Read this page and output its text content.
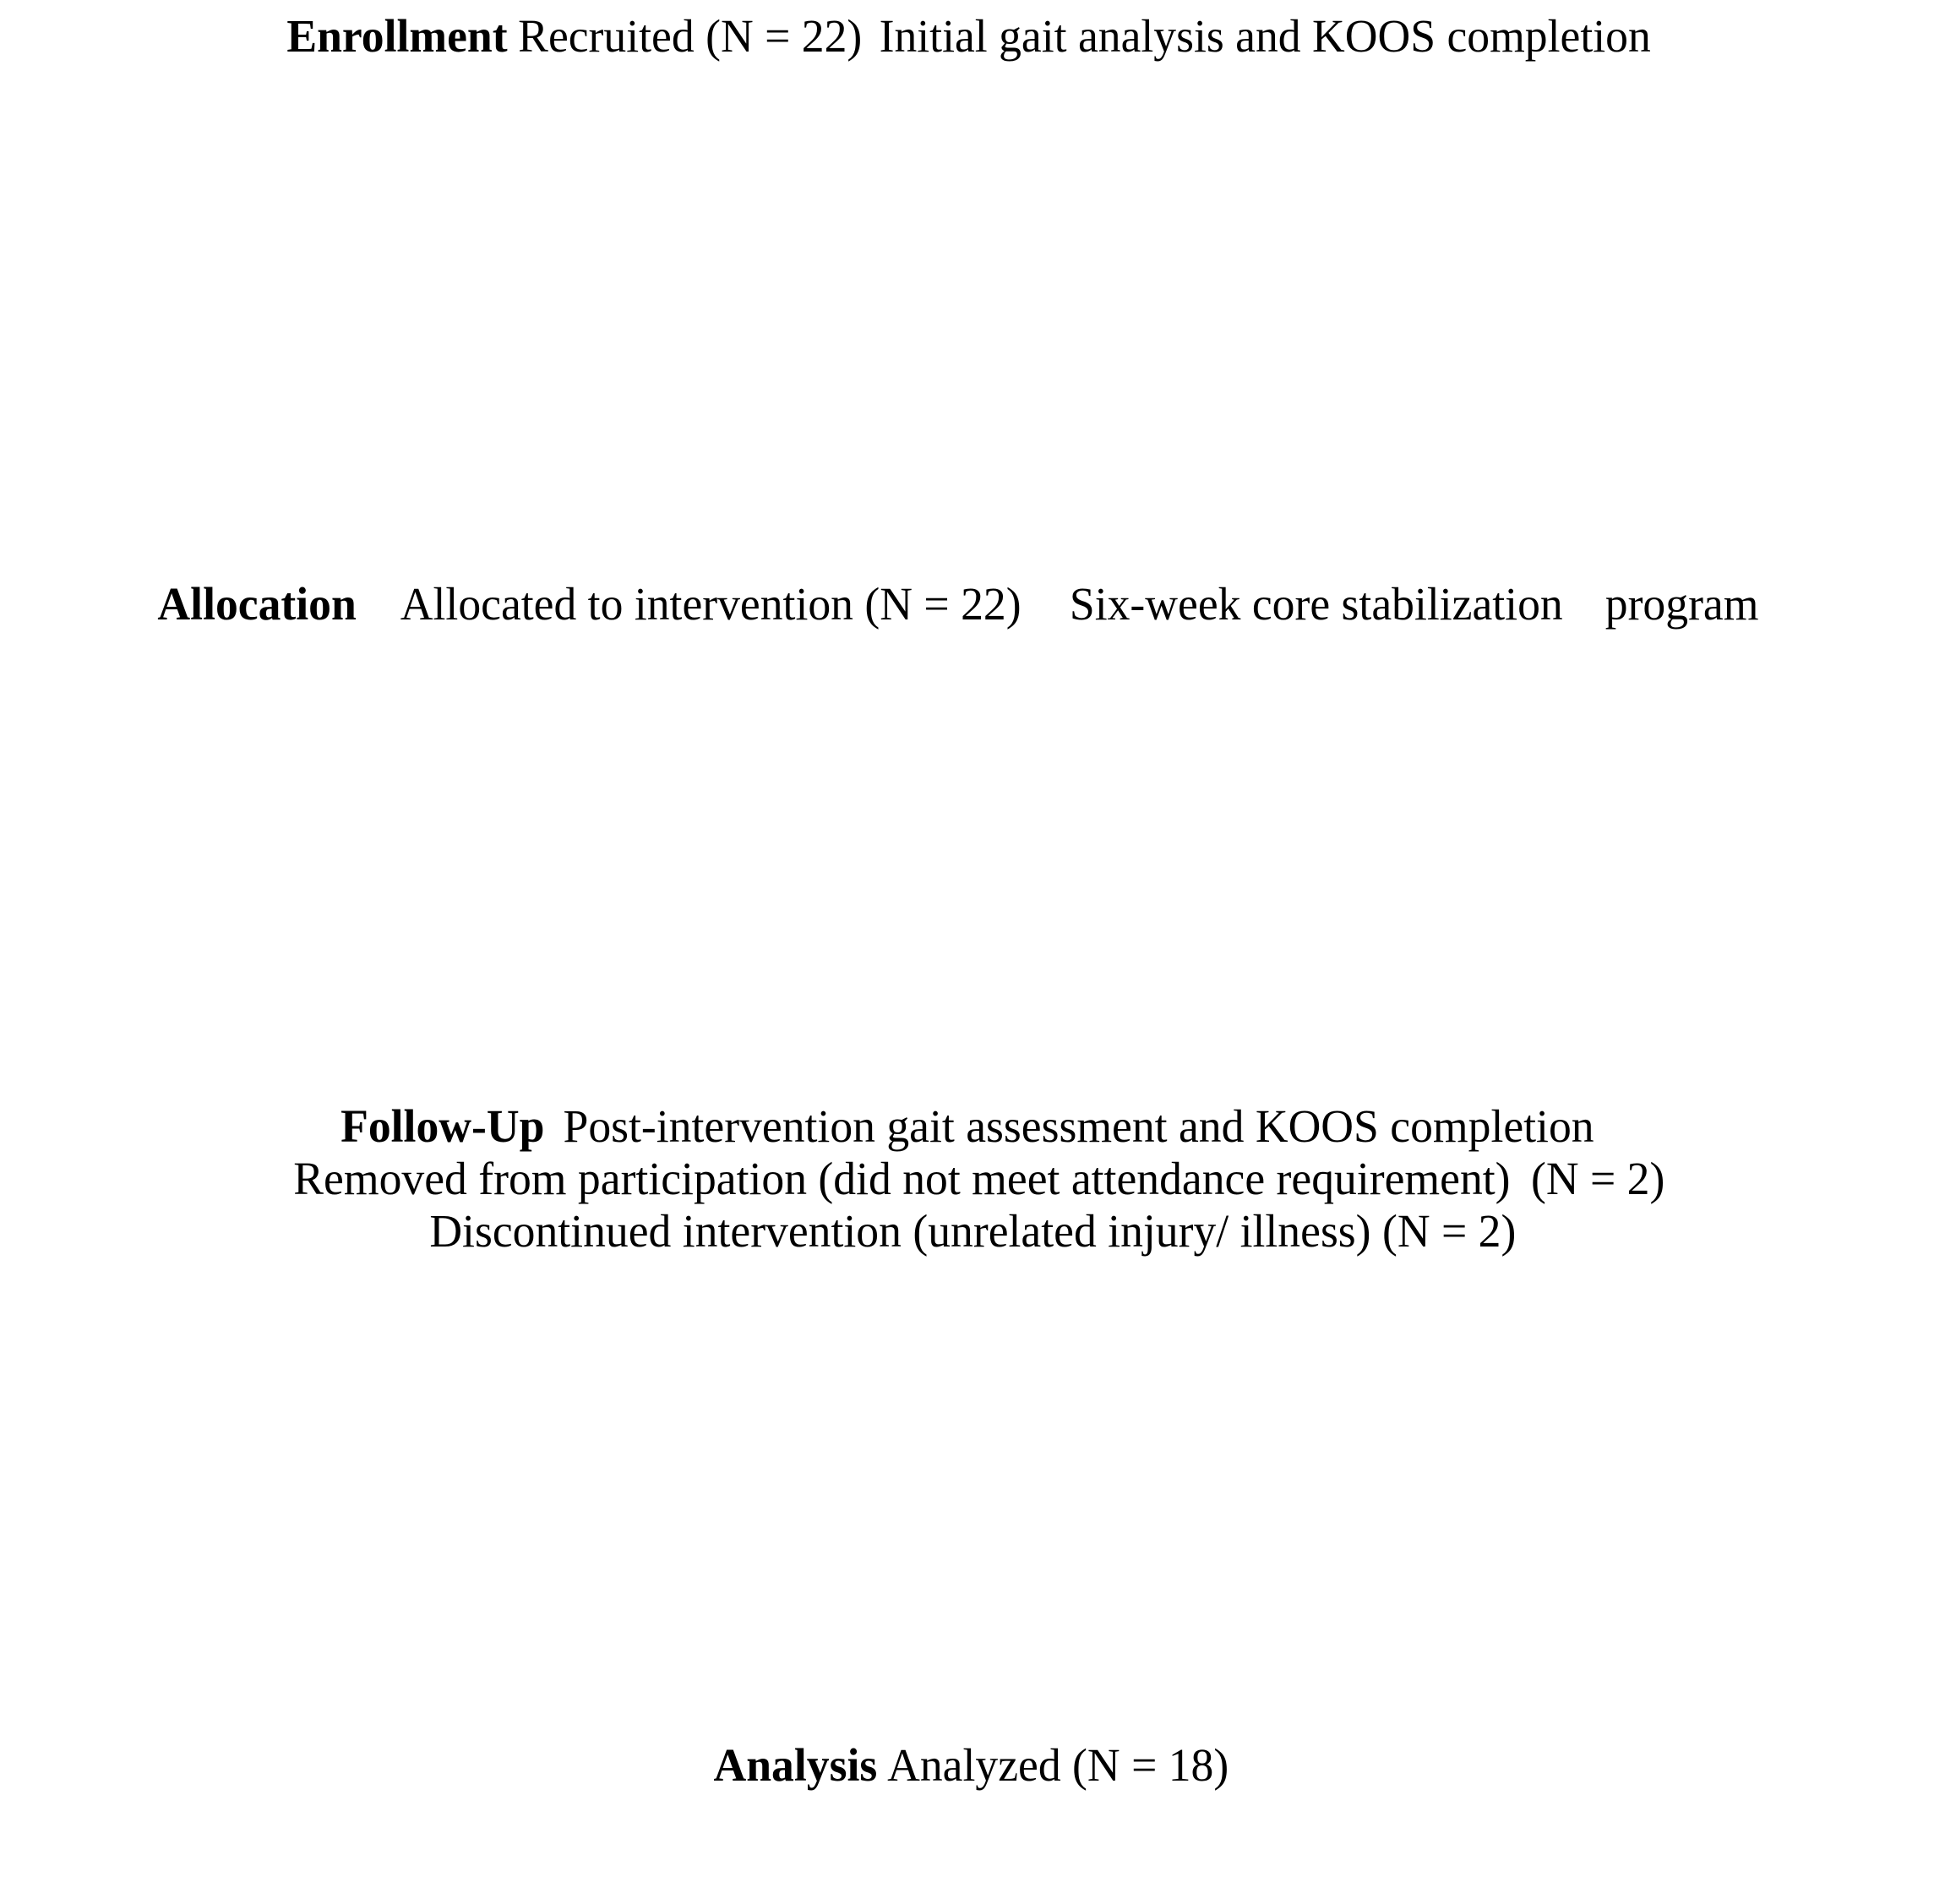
Enrollment Recruited (N = 22) Initial gait analysis and KOOS completion
Allocation Allocated to intervention (N = 22) Six-week core stabilization program
Follow-Up Post-intervention gait assessment and KOOS completion Removed from participation (did not meet attendance requirement) (N = 2) Discontinued intervention (unrelated injury/ illness) (N = 2)
Analysis Analyzed (N = 18)
